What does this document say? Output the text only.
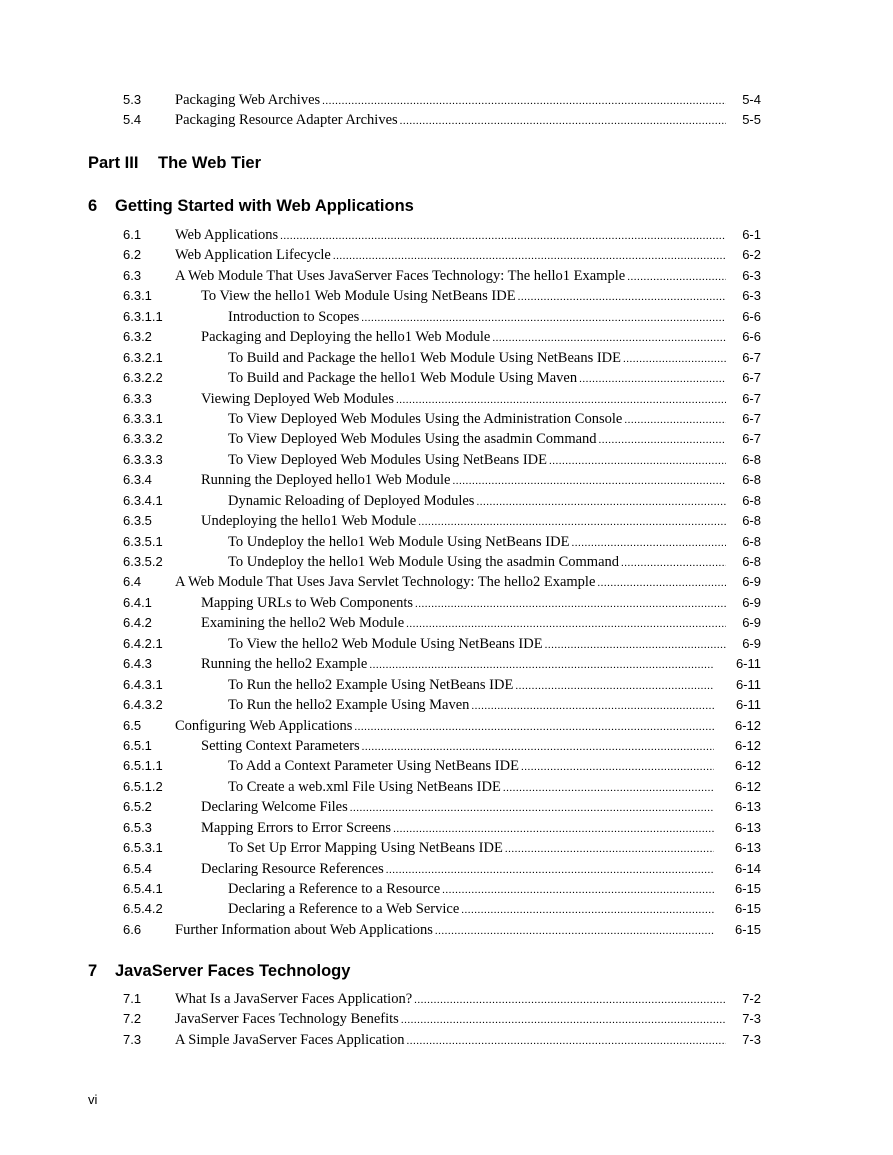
5.3 Packaging Web Archives .....	5-4
5.4 Packaging Resource Adapter Archives .....	5-5
Part III The Web Tier
6 Getting Started with Web Applications
6.1 Web Applications .....	6-1
6.2 Web Application Lifecycle .....	6-2
6.3 A Web Module That Uses JavaServer Faces Technology: The hello1 Example .....	6-3
6.3.1	To View the hello1 Web Module Using NetBeans IDE .....	6-3
6.3.1.1	Introduction to Scopes .....	6-6
6.3.2	Packaging and Deploying the hello1 Web Module .....	6-6
6.3.2.1	To Build and Package the hello1 Web Module Using NetBeans IDE .....	6-7
6.3.2.2	To Build and Package the hello1 Web Module Using Maven .....	6-7
6.3.3	Viewing Deployed Web Modules .....	6-7
6.3.3.1	To View Deployed Web Modules Using the Administration Console .....	6-7
6.3.3.2	To View Deployed Web Modules Using the asadmin Command .....	6-7
6.3.3.3	To View Deployed Web Modules Using NetBeans IDE .....	6-8
6.3.4	Running the Deployed hello1 Web Module .....	6-8
6.3.4.1	Dynamic Reloading of Deployed Modules .....	6-8
6.3.5	Undeploying the hello1 Web Module .....	6-8
6.3.5.1	To Undeploy the hello1 Web Module Using NetBeans IDE .....	6-8
6.3.5.2	To Undeploy the hello1 Web Module Using the asadmin Command .....	6-8
6.4 A Web Module That Uses Java Servlet Technology: The hello2 Example .....	6-9
6.4.1	Mapping URLs to Web Components .....	6-9
6.4.2	Examining the hello2 Web Module .....	6-9
6.4.2.1	To View the hello2 Web Module Using NetBeans IDE .....	6-9
6.4.3	Running the hello2 Example .....	6-11
6.4.3.1	To Run the hello2 Example Using NetBeans IDE .....	6-11
6.4.3.2	To Run the hello2 Example Using Maven .....	6-11
6.5 Configuring Web Applications .....	6-12
6.5.1	Setting Context Parameters .....	6-12
6.5.1.1	To Add a Context Parameter Using NetBeans IDE .....	6-12
6.5.1.2	To Create a web.xml File Using NetBeans IDE .....	6-12
6.5.2	Declaring Welcome Files .....	6-13
6.5.3	Mapping Errors to Error Screens .....	6-13
6.5.3.1	To Set Up Error Mapping Using NetBeans IDE .....	6-13
6.5.4	Declaring Resource References .....	6-14
6.5.4.1	Declaring a Reference to a Resource .....	6-15
6.5.4.2	Declaring a Reference to a Web Service .....	6-15
6.6 Further Information about Web Applications .....	6-15
7 JavaServer Faces Technology
7.1 What Is a JavaServer Faces Application? .....	7-2
7.2 JavaServer Faces Technology Benefits .....	7-3
7.3 A Simple JavaServer Faces Application .....	7-3
vi
